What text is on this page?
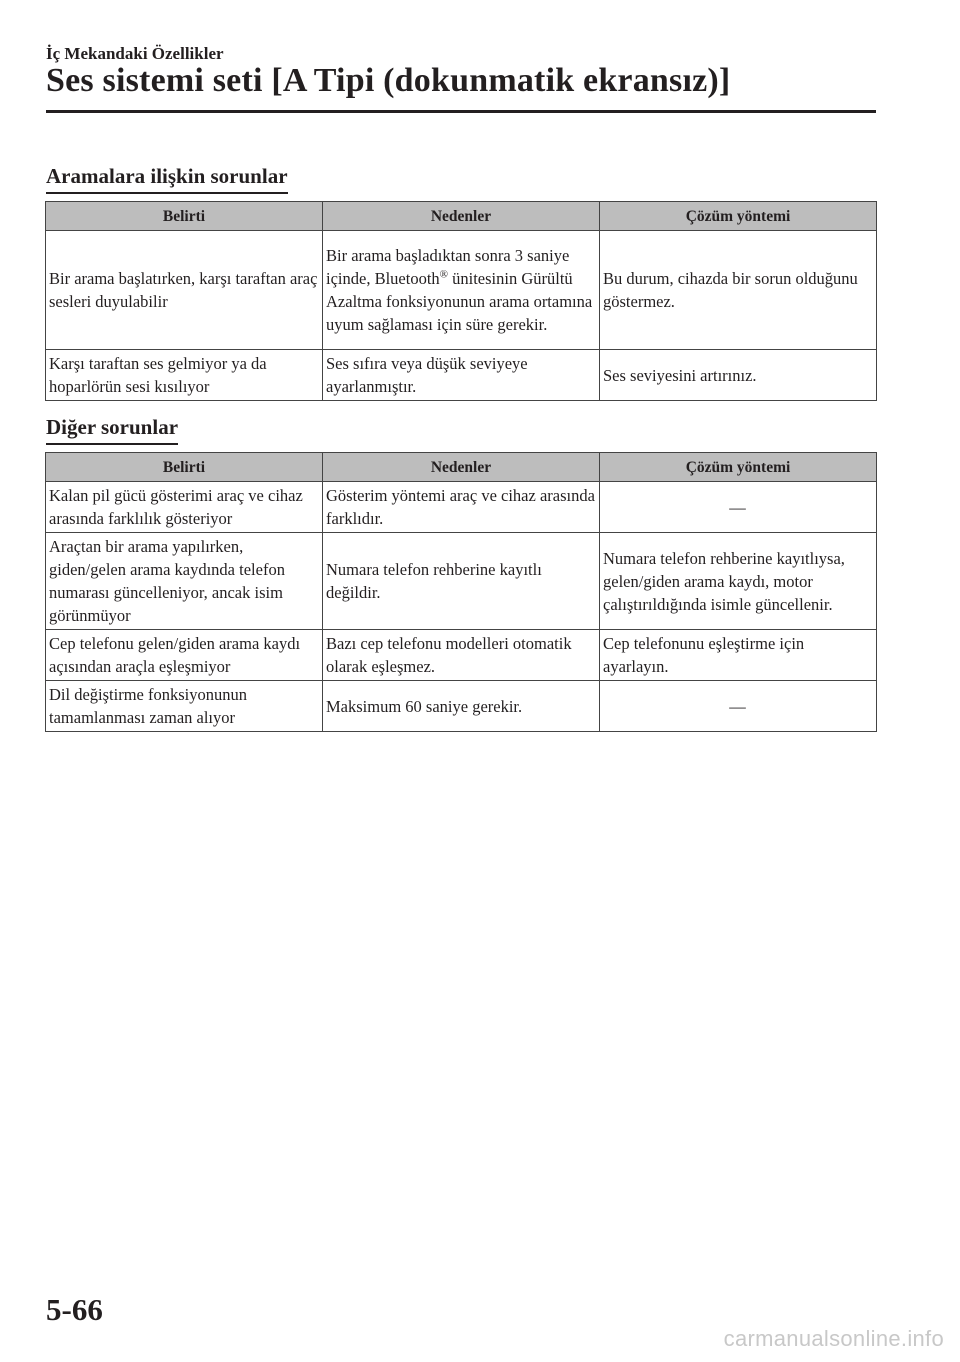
İç Mekandaki Özellikler
Ses sistemi seti [A Tipi (dokunmatik ekransız)]
Aramalara ilişkin sorunlar
Belirti	Nedenler	Çözüm yöntemi
Bir arama başlatırken, karşı taraftan araç sesleri duyulabilir	Bir arama başladıktan sonra 3 saniye içinde, Bluetooth® ünitesinin Gürültü Azaltma fonksiyonunun arama ortamına uyum sağlaması için süre gerekir.	Bu durum, cihazda bir sorun olduğunu göstermez.
Karşı taraftan ses gelmiyor ya da hoparlörün sesi kısılıyor	Ses sıfıra veya düşük seviyeye ayarlanmıştır.	Ses seviyesini artırınız.
Diğer sorunlar
Belirti	Nedenler	Çözüm yöntemi
Kalan pil gücü gösterimi araç ve cihaz arasında farklılık gösteriyor	Gösterim yöntemi araç ve cihaz arasında farklıdır.	—
Araçtan bir arama yapılırken, giden/gelen arama kaydında telefon numarası güncelleniyor, ancak isim görünmüyor	Numara telefon rehberine kayıtlı değildir.	Numara telefon rehberine kayıtlıysa, gelen/giden arama kaydı, motor çalıştırıldığında isimle güncellenir.
Cep telefonu gelen/giden arama kaydı açısından araçla eşleşmiyor	Bazı cep telefonu modelleri otomatik olarak eşleşmez.	Cep telefonunu eşleştirme için ayarlayın.
Dil değiştirme fonksiyonunun tamamlanması zaman alıyor	Maksimum 60 saniye gerekir.	—
5-66
carmanualsonline.info
